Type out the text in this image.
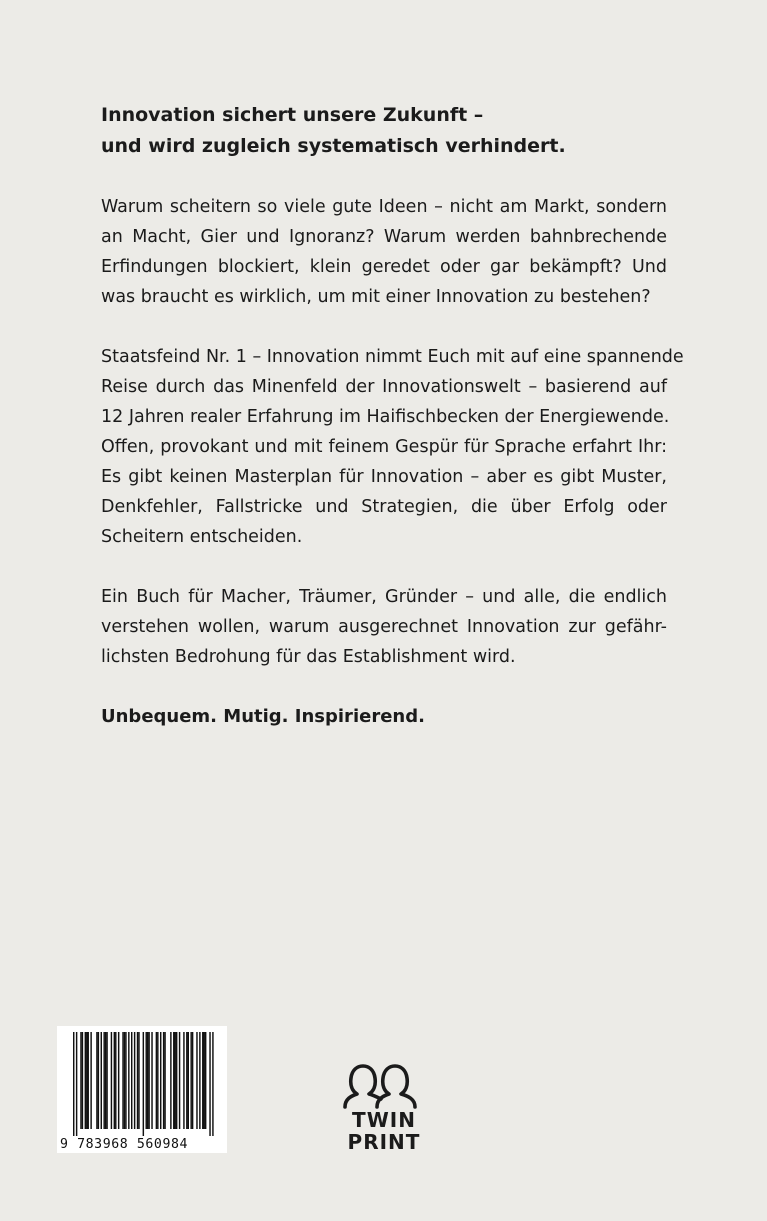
Innovation sichert unsere Zukunft –
und wird zugleich systematisch verhindert.

Warum scheitern so viele gute Ideen – nicht am Markt, sondern
an Macht, Gier und Ignoranz? Warum werden bahnbrechende
Erfindungen blockiert, klein geredet oder gar bekämpft? Und
was braucht es wirklich, um mit einer Innovation zu bestehen?

Staatsfeind Nr. 1 – Innovation nimmt Euch mit auf eine spannende
Reise durch das Minenfeld der Innovationswelt – basierend auf
12 Jahren realer Erfahrung im Haifischbecken der Energiewende.
Offen, provokant und mit feinem Gespür für Sprache erfahrt Ihr:
Es gibt keinen Masterplan für Innovation – aber es gibt Muster,
Denkfehler, Fallstricke und Strategien, die über Erfolg oder
Scheitern entscheiden.

Ein Buch für Macher, Träumer, Gründer – und alle, die endlich
verstehen wollen, warum ausgerechnet Innovation zur gefähr-
lichsten Bedrohung für das Establishment wird.

Unbequem. Mutig. Inspirierend.

9 783968 560984
TWIN
PRINT
